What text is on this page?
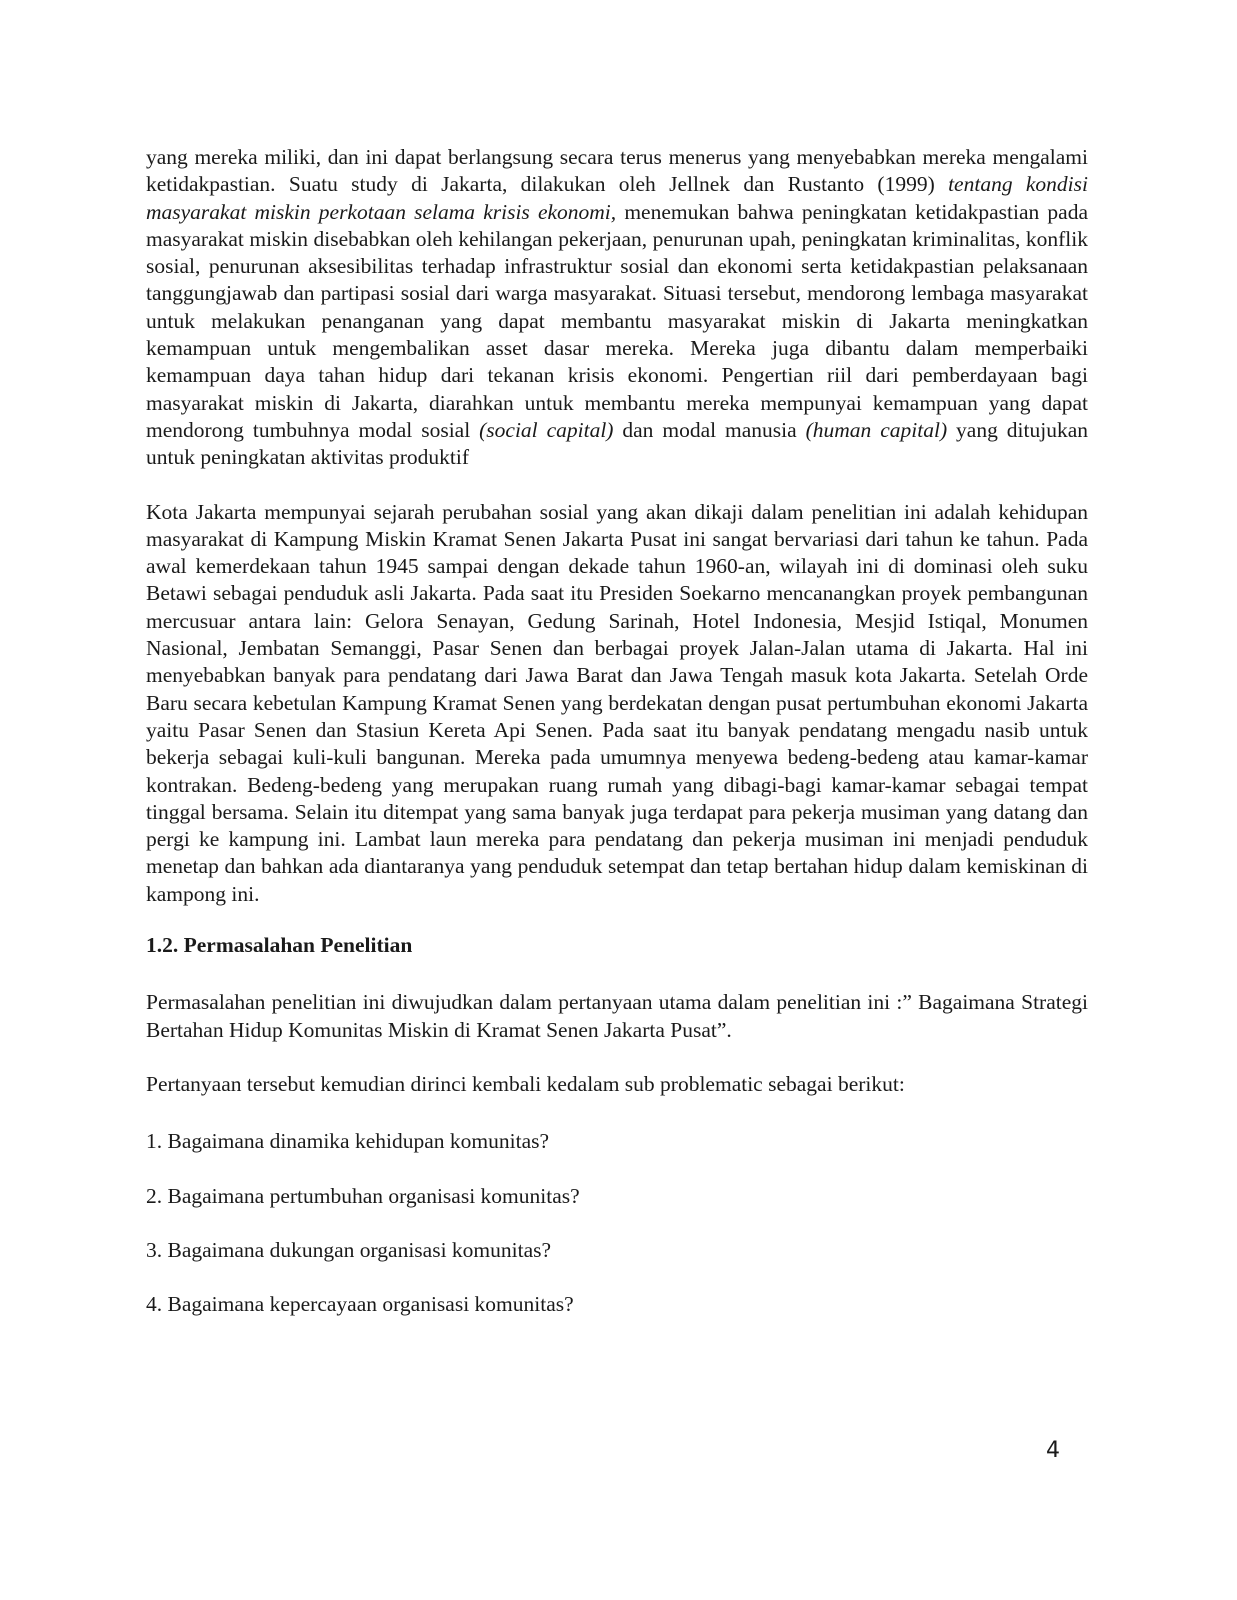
yang mereka miliki, dan ini dapat berlangsung secara terus menerus yang menyebabkan mereka mengalami ketidakpastian. Suatu study di Jakarta, dilakukan oleh Jellnek dan Rustanto (1999) tentang kondisi masyarakat miskin perkotaan selama krisis ekonomi, menemukan bahwa peningkatan ketidakpastian pada masyarakat miskin disebabkan oleh kehilangan pekerjaan, penurunan upah, peningkatan kriminalitas, konflik sosial, penurunan aksesibilitas terhadap infrastruktur sosial dan ekonomi serta ketidakpastian pelaksanaan tanggungjawab dan partipasi sosial dari warga masyarakat. Situasi tersebut, mendorong lembaga masyarakat untuk melakukan penanganan yang dapat membantu masyarakat miskin di Jakarta meningkatkan kemampuan untuk mengembalikan asset dasar mereka. Mereka juga dibantu dalam memperbaiki kemampuan daya tahan hidup dari tekanan krisis ekonomi. Pengertian riil dari pemberdayaan bagi masyarakat miskin di Jakarta, diarahkan untuk membantu mereka mempunyai kemampuan yang dapat mendorong tumbuhnya modal sosial (social capital) dan modal manusia (human capital) yang ditujukan untuk peningkatan aktivitas produktif

Kota Jakarta mempunyai sejarah perubahan sosial yang akan dikaji dalam penelitian ini adalah kehidupan masyarakat di Kampung Miskin Kramat Senen Jakarta Pusat ini sangat bervariasi dari tahun ke tahun. Pada awal kemerdekaan tahun 1945 sampai dengan dekade tahun 1960-an, wilayah ini di dominasi oleh suku Betawi sebagai penduduk asli Jakarta. Pada saat itu Presiden Soekarno mencanangkan proyek pembangunan mercusuar antara lain: Gelora Senayan, Gedung Sarinah, Hotel Indonesia, Mesjid Istiqal, Monumen Nasional, Jembatan Semanggi, Pasar Senen dan berbagai proyek Jalan-Jalan utama di Jakarta. Hal ini menyebabkan banyak para pendatang dari Jawa Barat dan Jawa Tengah masuk kota Jakarta. Setelah Orde Baru secara kebetulan Kampung Kramat Senen yang berdekatan dengan pusat pertumbuhan ekonomi Jakarta yaitu Pasar Senen dan Stasiun Kereta Api Senen. Pada saat itu banyak pendatang mengadu nasib untuk bekerja sebagai kuli-kuli bangunan. Mereka pada umumnya menyewa bedeng-bedeng atau kamar-kamar kontrakan. Bedeng-bedeng yang merupakan ruang rumah yang dibagi-bagi kamar-kamar sebagai tempat tinggal bersama. Selain itu ditempat yang sama banyak juga terdapat para pekerja musiman yang datang dan pergi ke kampung ini. Lambat laun mereka para pendatang dan pekerja musiman ini menjadi penduduk menetap dan bahkan ada diantaranya yang penduduk setempat dan tetap bertahan hidup dalam kemiskinan di kampong ini.

1.2. Permasalahan Penelitian

Permasalahan penelitian ini diwujudkan dalam pertanyaan utama dalam penelitian ini :” Bagaimana Strategi Bertahan Hidup Komunitas Miskin di Kramat Senen Jakarta Pusat”.

Pertanyaan tersebut kemudian dirinci kembali kedalam sub problematic sebagai berikut:

1. Bagaimana dinamika kehidupan komunitas?

2. Bagaimana pertumbuhan organisasi komunitas?

3. Bagaimana dukungan organisasi komunitas?

4. Bagaimana kepercayaan organisasi komunitas?

4
